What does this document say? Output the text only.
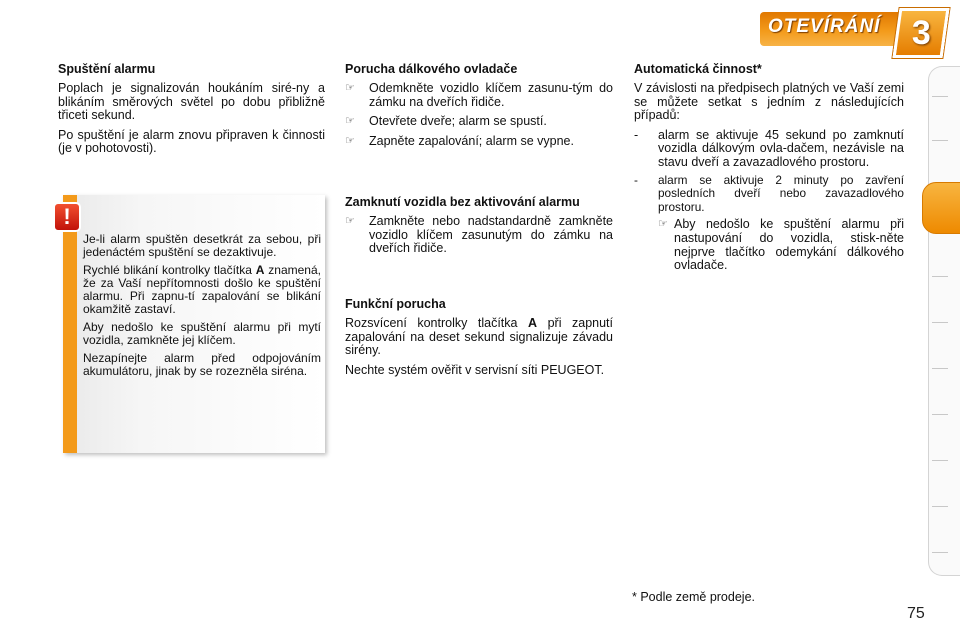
OTEVÍRÁNÍ 3
Spuštění alarmu

Poplach je signalizován houkáním siré-ny a blikáním směrových světel po dobu přibližně třiceti sekund.

Po spuštění je alarm znovu připraven k činnosti (je v pohotovosti).

!

Je-li alarm spuštěn desetkrát za sebou, při jedenáctém spuštění se dezaktivuje.

Rychlé blikání kontrolky tlačítka A znamená, že za Vaší nepřítomnosti došlo ke spuštění alarmu. Při zapnu-tí zapalování se blikání okamžitě zastaví.

Aby nedošlo ke spuštění alarmu při mytí vozidla, zamkněte jej klíčem.

Nezapínejte alarm před odpojováním akumulátoru, jinak by se rozezněla siréna.

Porucha dálkového ovladače
☞	Odemkněte vozidlo klíčem zasunu-tým do zámku na dveřích řidiče.
☞	Otevřete dveře; alarm se spustí.
☞	Zapněte zapalování; alarm se vypne.
Zamknutí vozidla bez aktivování alarmu
☞	Zamkněte nebo nadstandardně zamkněte vozidlo klíčem zasunutým do zámku na dveřích řidiče.
Funkční porucha

Rozsvícení kontrolky tlačítka A při zapnutí zapalování na deset sekund signalizuje závadu sirény.

Nechte systém ověřit v servisní síti PEUGEOT.

Automatická činnost*

V závislosti na předpisech platných ve Vaší zemi se můžete setkat s jedním z následujících případů:

-	alarm se aktivuje 45 sekund po zamknutí vozidla dálkovým ovla-dačem, nezávisle na stavu dveří a zavazadlového prostoru.
-	alarm se aktivuje 2 minuty po zavření posledních dveří nebo zavazadlového prostoru.
☞ Aby nedošlo ke spuštění alarmu při nastupování do vozidla, stisk-něte nejprve tlačítko odemykání dálkového ovladače.
* Podle země prodeje.
75
